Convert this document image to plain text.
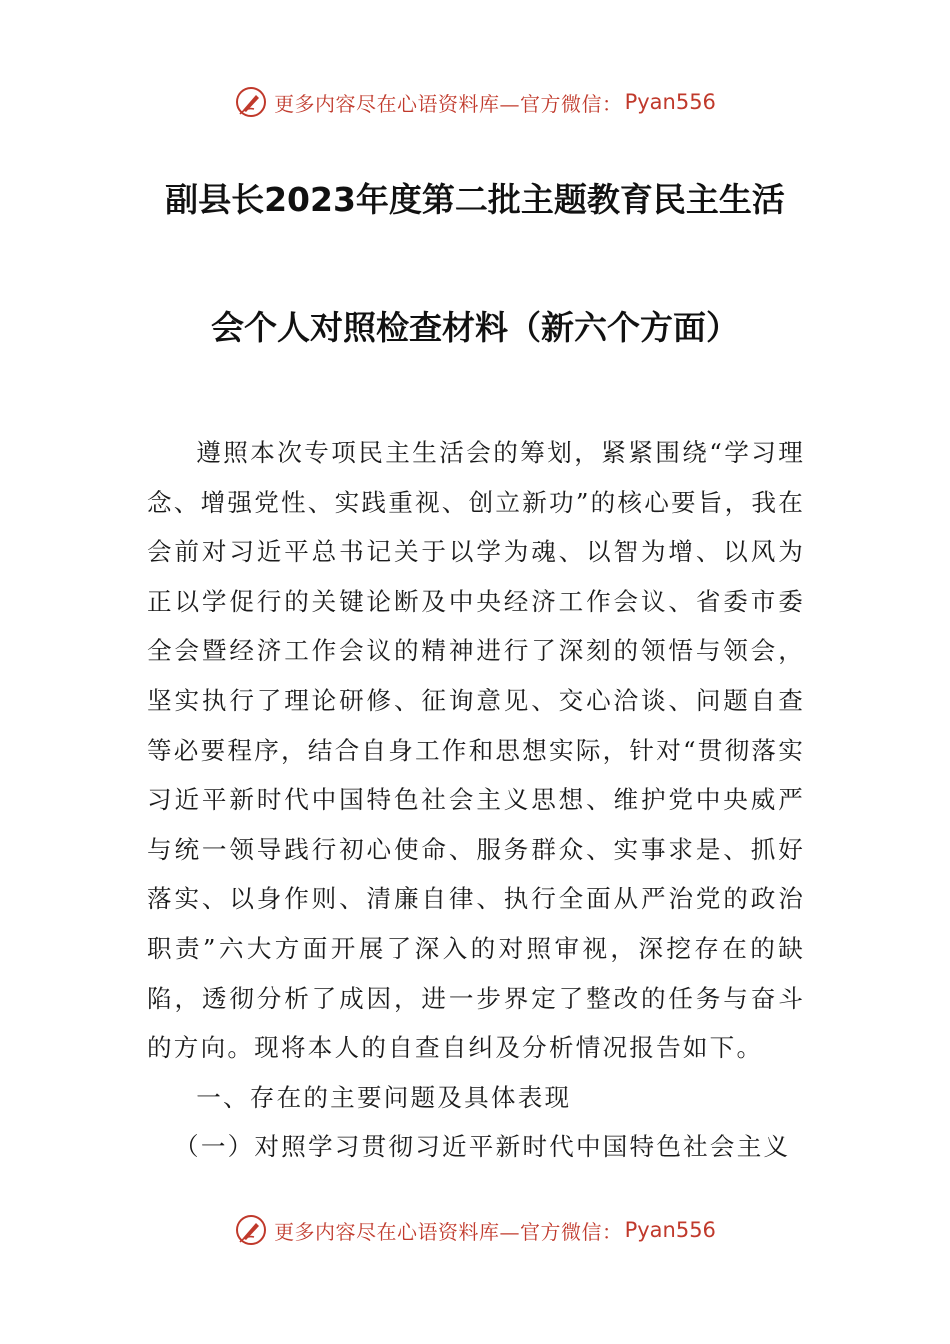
更多内容尽在心语资料库—官方微信： Pyan556
副县长2023年度第二批主题教育民主生活
会个人对照检查材料（新六个方面）

遵照本次专项民主生活会的筹划，紧紧围绕“学习理念、增强党性、实践重视、创立新功”的核心要旨，我在会前对习近平总书记关于以学为魂、以智为增、以风为正以学促行的关键论断及中央经济工作会议、省委市委全会暨经济工作会议的精神进行了深刻的领悟与领会，坚实执行了理论研修、征询意见、交心洽谈、问题自查等必要程序，结合自身工作和思想实际，针对“贯彻落实习近平新时代中国特色社会主义思想、维护党中央威严与统一领导践行初心使命、服务群众、实事求是、抓好落实、以身作则、清廉自律、执行全面从严治党的政治职责”六大方面开展了深入的对照审视，深挖存在的缺陷，透彻分析了成因，进一步界定了整改的任务与奋斗的方向。现将本人的自查自纠及分析情况报告如下。

一、存在的主要问题及具体表现

（一）对照学习贯彻习近平新时代中国特色社会主义

更多内容尽在心语资料库—官方微信： Pyan556
